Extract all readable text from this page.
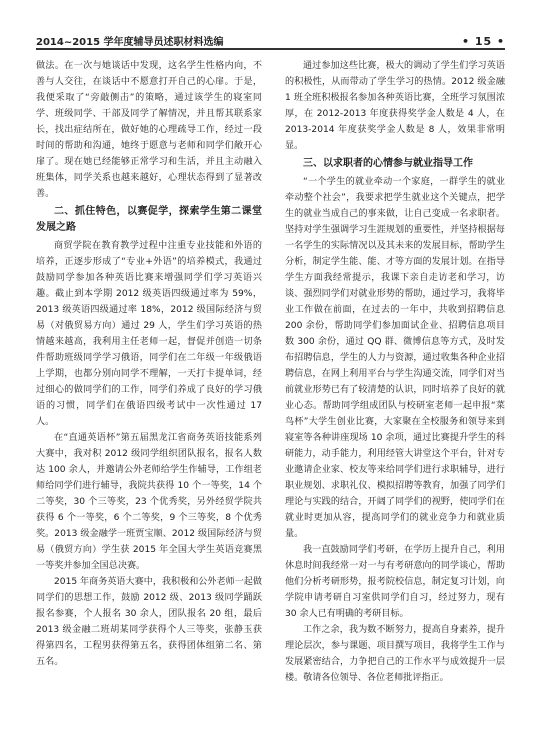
2014~2015 学年度辅导员述职材料选编	• 15 •

做法。在一次与她谈话中发现，这名学生性格内向，不善与人交往，在谈话中不愿意打开自己的心扉。于是，我便采取了“旁敲侧击”的策略，通过该学生的寝室同学、班级同学、干部及同学了解情况，并且帮其联系家长，找出症结所在，做好她的心理疏导工作，经过一段时间的帮助和沟通，她终于愿意与老师和同学们敞开心扉了。现在她已经能够正常学习和生活，并且主动融入班集体，同学关系也越来越好，心理状态得到了显著改善。

二、抓住特色，以赛促学，探索学生第二课堂发展之路

商贸学院在教育教学过程中注重专业技能和外语的培养，正逐步形成了“专业+外语”的培养模式，我通过鼓励同学参加各种英语比赛来增强同学们学习英语兴趣。截止到本学期 2012 级英语四级通过率为 59%，2013 级英语四级通过率 18%，2012 级国际经济与贸易（对俄贸易方向）通过 29 人，学生们学习英语的热情越来越高，我利用主任老师一起，督促并创造一切条件帮助班级同学学习俄语，同学们在二年级一年级俄语上学期，也都分别向同学不理解，一天打卡提单词，经过细心的做同学们的工作，同学们养成了良好的学习俄语的习惯，同学们在俄语四级考试中一次性通过 17 人。

在“直通英语杯”第五届黑龙江省商务英语技能系列大赛中，我对积 2012 级同学组织团队报名，报名人数达 100 余人，并邀请公外老师给学生作辅导，工作组老师给同学们进行辅导，我院共获得 10 个一等奖，14 个二等奖，30 个三等奖，23 个优秀奖，另外经贸学院共获得 6 个一等奖，6 个二等奖，9 个三等奖，8 个优秀奖。2013 级金融学一班贾宝顺、2012 级国际经济与贸易（俄贸方向）学生获 2015 年全国大学生英语竞赛黑一等奖并参加全国总决赛。

2015 年商务英语大赛中，我积极和公外老师一起做同学们的思想工作，鼓励 2012 级、2013 级同学踊跃报名参赛，个人报名 30 余人，团队报名 20 组，最后 2013 级金融二班胡某同学获得个人三等奖，张静玉获得第四名，工程男获得第五名，获得团体组第二名、第五名。

通过参加这些比赛，极大的调动了学生们学习英语的积极性，从而带动了学生学习的热情。2012 级金融 1 班全班积极报名参加各种英语比赛，全班学习氛围浓厚，在 2012-2013 年度获得奖学金人数是 4 人，在 2013-2014 年度获奖学金人数是 8 人，效果非常明显。

三、以求职者的心情参与就业指导工作

“一个学生的就业牵动一个家庭，一群学生的就业牵动整个社会”，我要求把学生就业这个关键点，把学生的就业当成自己的事来做，让自己变成一名求职者。坚持对学生强调学习生涯规划的重要性，并坚持根据每一名学生的实际情况以及其未来的发展目标，帮助学生分析，制定学生能、能、才等方面的发展计划。在指导学生方面我经常提示，我课下亲自走访老和学习，访谈、强烈同学们对就业形势的帮助，通过学习，我将毕业工作做在前面，在过去的一年中，共收到招聘信息 200 余份，帮助同学们参加面试企业、招聘信息项目数 300 余份，通过 QQ 群、微博信息等方式，及时发布招聘信息，学生的人力与资源，通过收集各种企业招聘信息，在网上利用平台与学生沟通交流，同学们对当前就业形势已有了较清楚的认识，同时培养了良好的就业心态。帮助同学组成团队与校研室老师一起申报“菜鸟杯”大学生创业比赛，大家聚在全校服务和领导来到寝室等各种讲座现场 10 余项，通过比赛提升学生的科研能力，动手能力，利用经管大讲堂这个平台，针对专业邀请企业家、校友等来给同学们进行求职辅导，进行职业规划、求职礼仪、模拟招聘等教育，加强了同学们理论与实践的结合，开阔了同学们的视野，使同学们在就业时更加从容，提高同学们的就业竞争力和就业质量。

我一直鼓励同学们考研，在学历上提升自己，利用休息时间我经常一对一与有考研意向的同学谈心，帮助他们分析考研形势，报考院校信息，制定复习计划，向学院申请考研自习室供同学们自习，经过努力，现有 30 余人已有明确的考研目标。

工作之余，我为数不断努力，提高自身素养，提升理论层次，参与课题、项目撰写项目，我将学生工作与发展紧密结合，力争把自己的工作水平与成效提升一层楼。敬请各位领导、各位老师批评指正。
